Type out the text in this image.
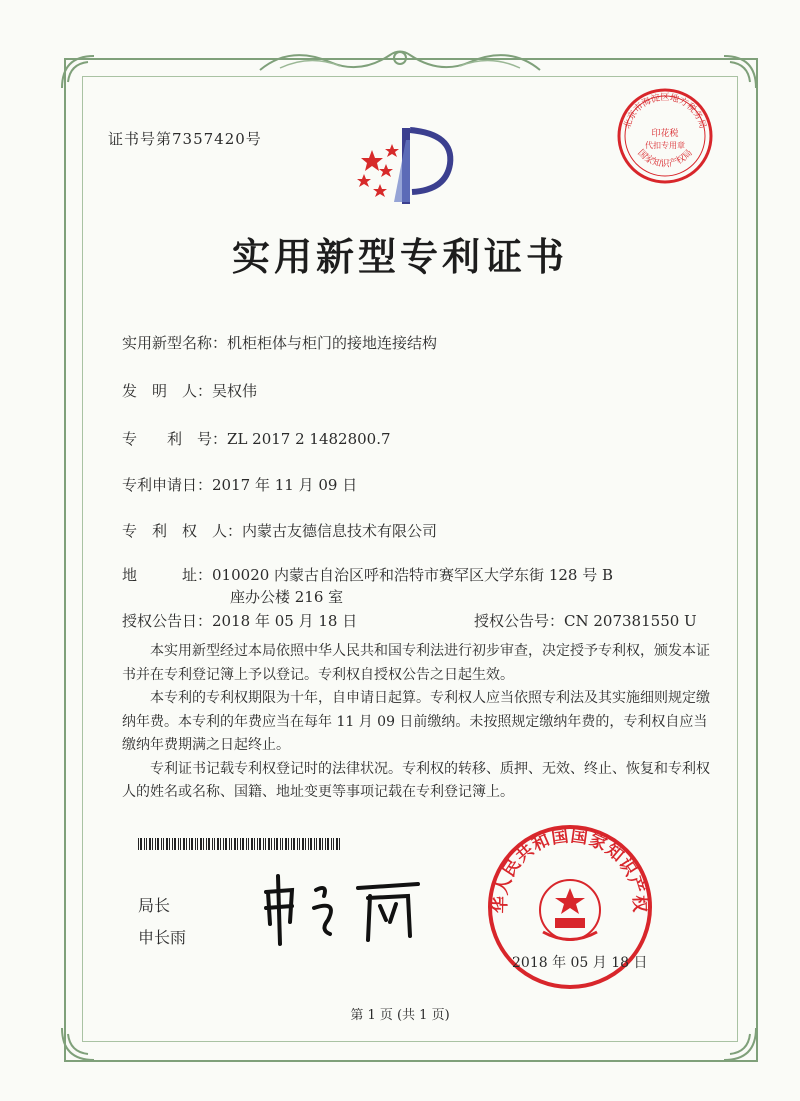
证书号第7357420号
北京市海淀区地方税务局
印花税
代扣专用章
国家知识产权局
实用新型专利证书
实用新型名称：机柜柜体与柜门的接地连接结构
发　明　人：吴权伟
专　　利　号：ZL 2017 2 1482800.7
专利申请日：2017 年 11 月 09 日
专　利　权　人：内蒙古友德信息技术有限公司
地　　　址：010020 内蒙古自治区呼和浩特市赛罕区大学东街 128 号 B
座办公楼 216 室
授权公告日：2018 年 05 月 18 日	授权公告号：CN 207381550 U

本实用新型经过本局依照中华人民共和国专利法进行初步审查，决定授予专利权，颁发本证书并在专利登记簿上予以登记。专利权自授权公告之日起生效。

本专利的专利权期限为十年，自申请日起算。专利权人应当依照专利法及其实施细则规定缴纳年费。本专利的年费应当在每年 11 月 09 日前缴纳。未按照规定缴纳年费的，专利权自应当缴纳年费期满之日起终止。

专利证书记载专利权登记时的法律状况。专利权的转移、质押、无效、终止、恢复和专利权人的姓名或名称、国籍、地址变更等事项记载在专利登记簿上。

局长
申长雨
华人民共和国国家知识产权
2018 年 05 月 18 日
第 1 页 (共 1 页)
